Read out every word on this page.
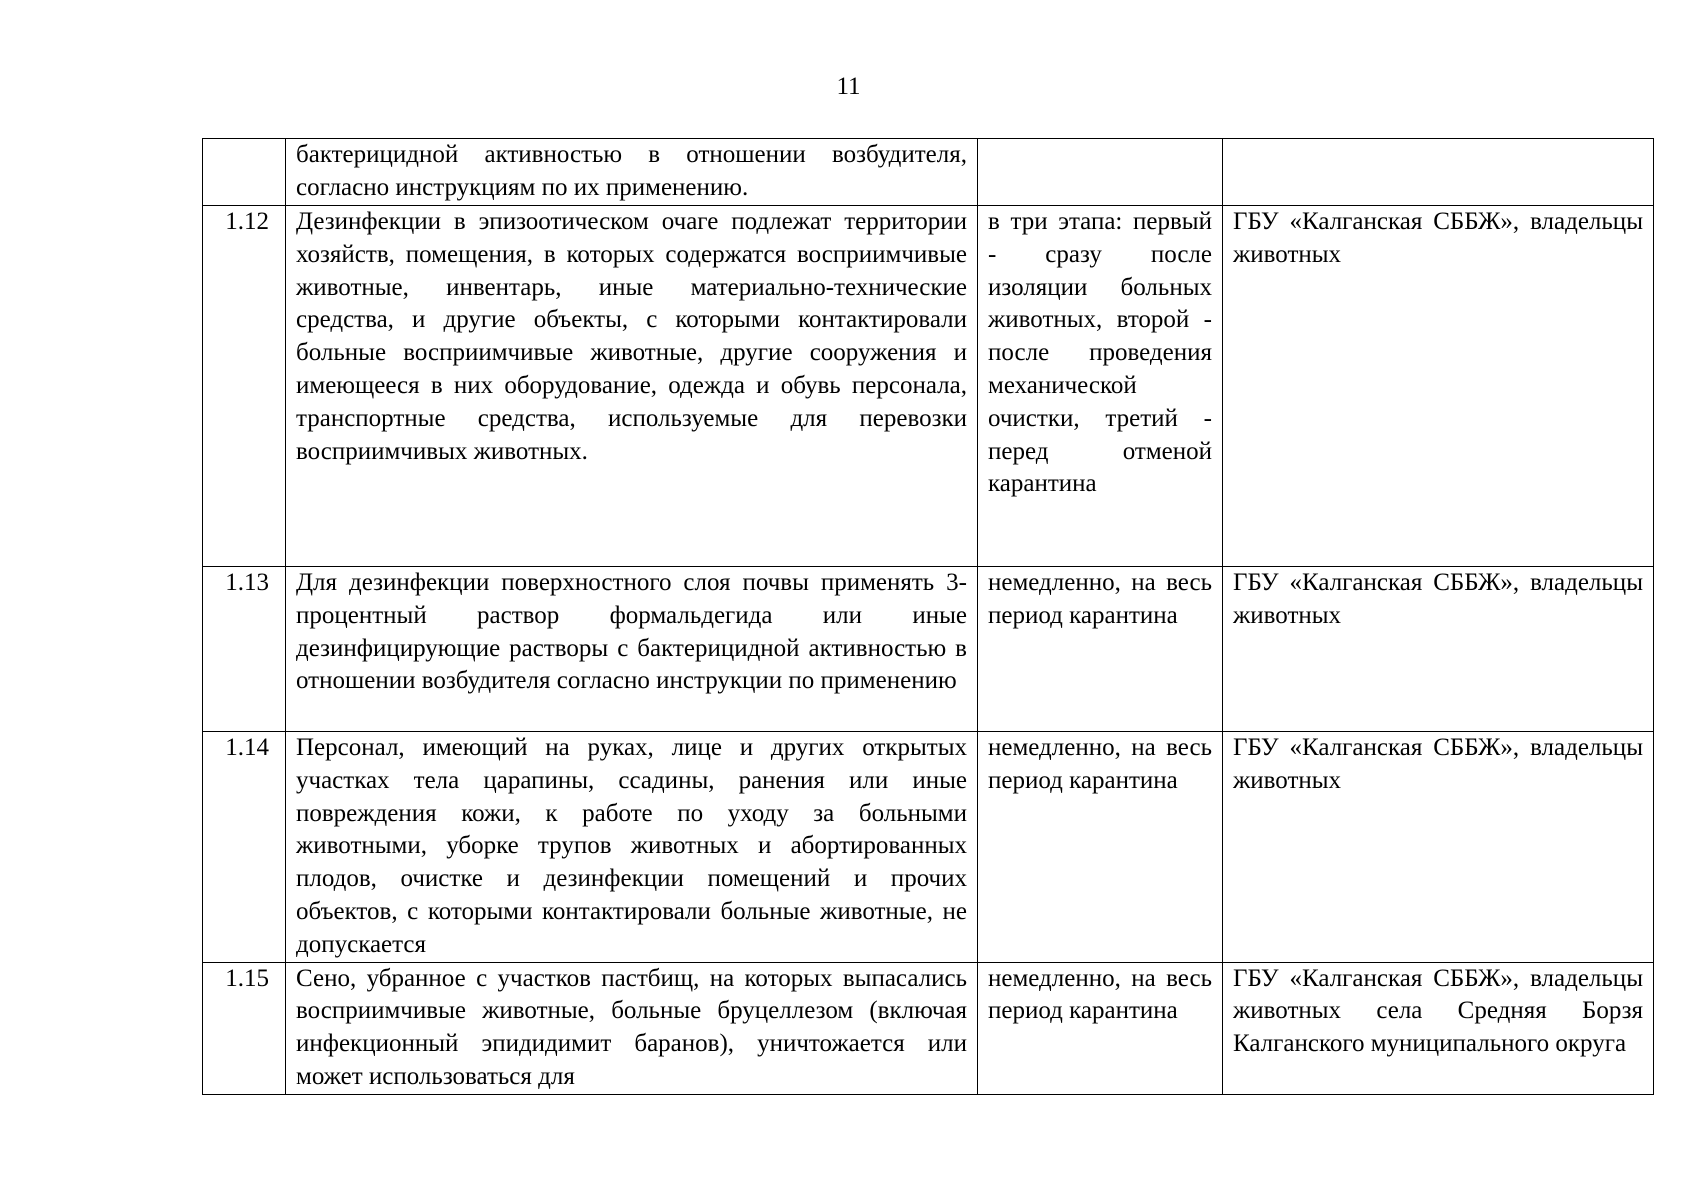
11
	бактерицидной активностью в отношении возбудителя, согласно инструкциям по их применению.		
1.12	Дезинфекции в эпизоотическом очаге подлежат территории хозяйств, помещения, в которых содержатся восприимчивые животные, инвентарь, иные материально-технические средства, и другие объекты, с которыми контактировали больные восприимчивые животные, другие сооружения и имеющееся в них оборудование, одежда и обувь персонала, транспортные средства, используемые для перевозки восприимчивых животных.	в три этапа: первый - сразу после изоляции больных животных, второй - после проведения механической очистки, третий - перед отменой карантина	ГБУ «Калганская СББЖ», владельцы животных
1.13	Для дезинфекции поверхностного слоя почвы применять 3-процентный раствор формальдегида или иные дезинфицирующие растворы с бактерицидной активностью в отношении возбудителя согласно инструкции по применению	немедленно, на весь период карантина	ГБУ «Калганская СББЖ», владельцы животных
1.14	Персонал, имеющий на руках, лице и других открытых участках тела царапины, ссадины, ранения или иные повреждения кожи, к работе по уходу за больными животными, уборке трупов животных и абортированных плодов, очистке и дезинфекции помещений и прочих объектов, с которыми контактировали больные животные, не допускается	немедленно, на весь период карантина	ГБУ «Калганская СББЖ», владельцы животных
1.15	Сено, убранное с участков пастбищ, на которых выпасались восприимчивые животные, больные бруцеллезом (включая инфекционный эпидидимит баранов), уничтожается или может использоваться для	немедленно, на весь период карантина	ГБУ «Калганская СББЖ», владельцы животных села Средняя Борзя Калганского муниципального округа
